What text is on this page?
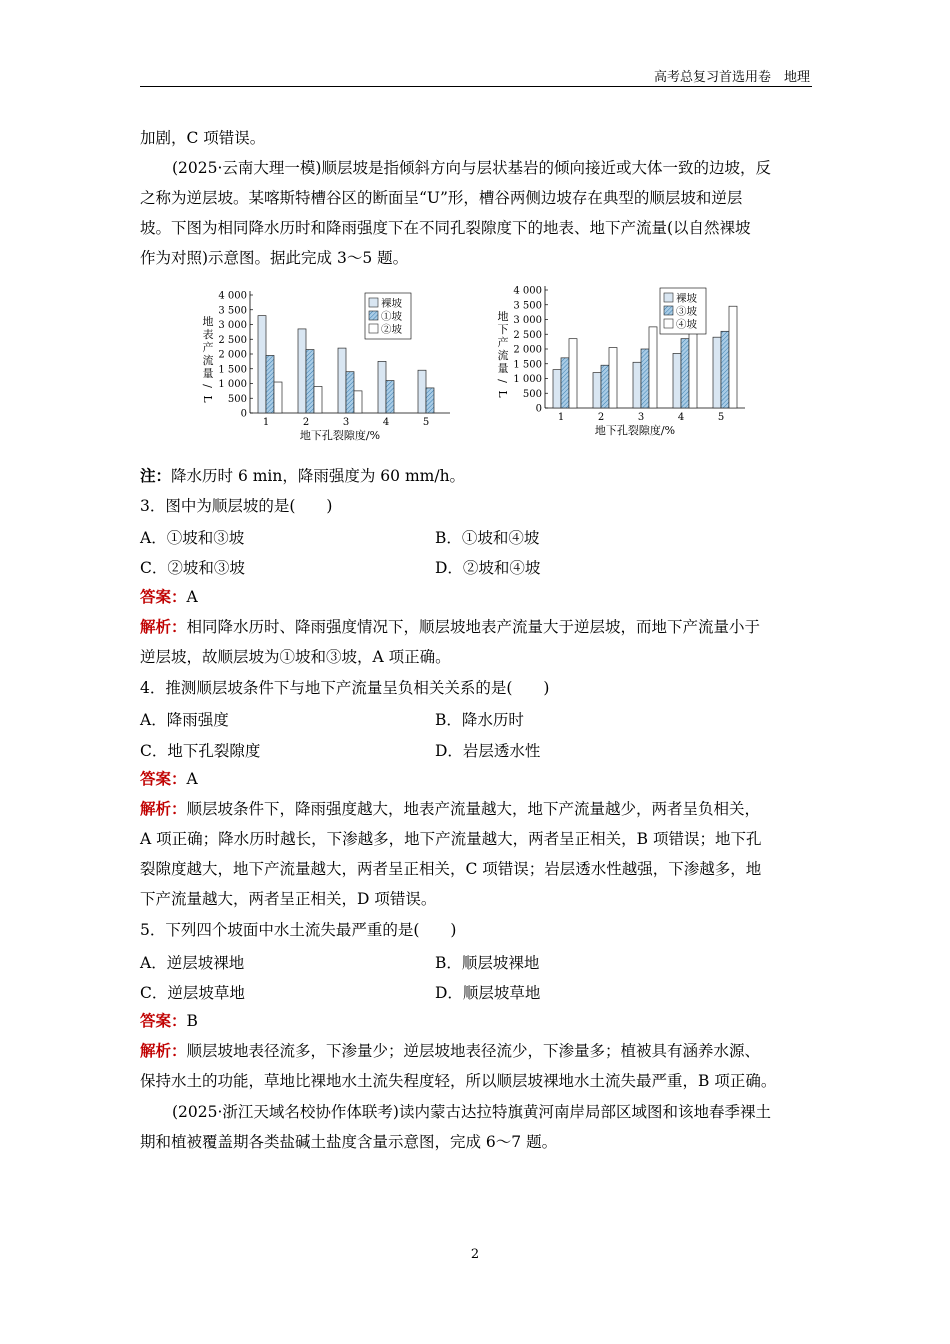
高考总复习首选用卷　地理
加剧，C 项错误。
(2025·云南大理一模)顺层坡是指倾斜方向与层状基岩的倾向接近或大体一致的边坡，反
之称为逆层坡。某喀斯特槽谷区的断面呈“U”形，槽谷两侧边坡存在典型的顺层坡和逆层
坡。下图为相同降水历时和降雨强度下在不同孔裂隙度下的地表、地下产流量(以自然裸坡
作为对照)示意图。据此完成 3～5 题。
0
500
1 000
1 500
2 000
2 500
3 000
3 500
4 000
地
表
产
流
量
/
L
1	2	3	4	5
地下孔裂隙度/%
裸坡
①坡
②坡
0
500
1 000
1 500
2 000
2 500
3 000
3 500
4 000
地
下
产
流
量
/
L
1	2	3	4	5
地下孔裂隙度/%
裸坡
③坡
④坡
注：降水历时 6 min，降雨强度为 60 mm/h。
3．图中为顺层坡的是(　　)
A．①坡和③坡	B．①坡和④坡
C．②坡和③坡	D．②坡和④坡
答案：A
解析：相同降水历时、降雨强度情况下，顺层坡地表产流量大于逆层坡，而地下产流量小于
逆层坡，故顺层坡为①坡和③坡，A 项正确。
4．推测顺层坡条件下与地下产流量呈负相关关系的是(　　)
A．降雨强度	B．降水历时
C．地下孔裂隙度	D．岩层透水性
答案：A
解析：顺层坡条件下，降雨强度越大，地表产流量越大，地下产流量越少，两者呈负相关，
A 项正确；降水历时越长，下渗越多，地下产流量越大，两者呈正相关，B 项错误；地下孔
裂隙度越大，地下产流量越大，两者呈正相关，C 项错误；岩层透水性越强，下渗越多，地
下产流量越大，两者呈正相关，D 项错误。
5．下列四个坡面中水土流失最严重的是(　　)
A．逆层坡裸地	B．顺层坡裸地
C．逆层坡草地	D．顺层坡草地
答案：B
解析：顺层坡地表径流多，下渗量少；逆层坡地表径流少，下渗量多；植被具有涵养水源、
保持水土的功能，草地比裸地水土流失程度轻，所以顺层坡裸地水土流失最严重，B 项正确。
(2025·浙江天域名校协作体联考)读内蒙古达拉特旗黄河南岸局部区域图和该地春季裸土
期和植被覆盖期各类盐碱土盐度含量示意图，完成 6～7 题。
2
